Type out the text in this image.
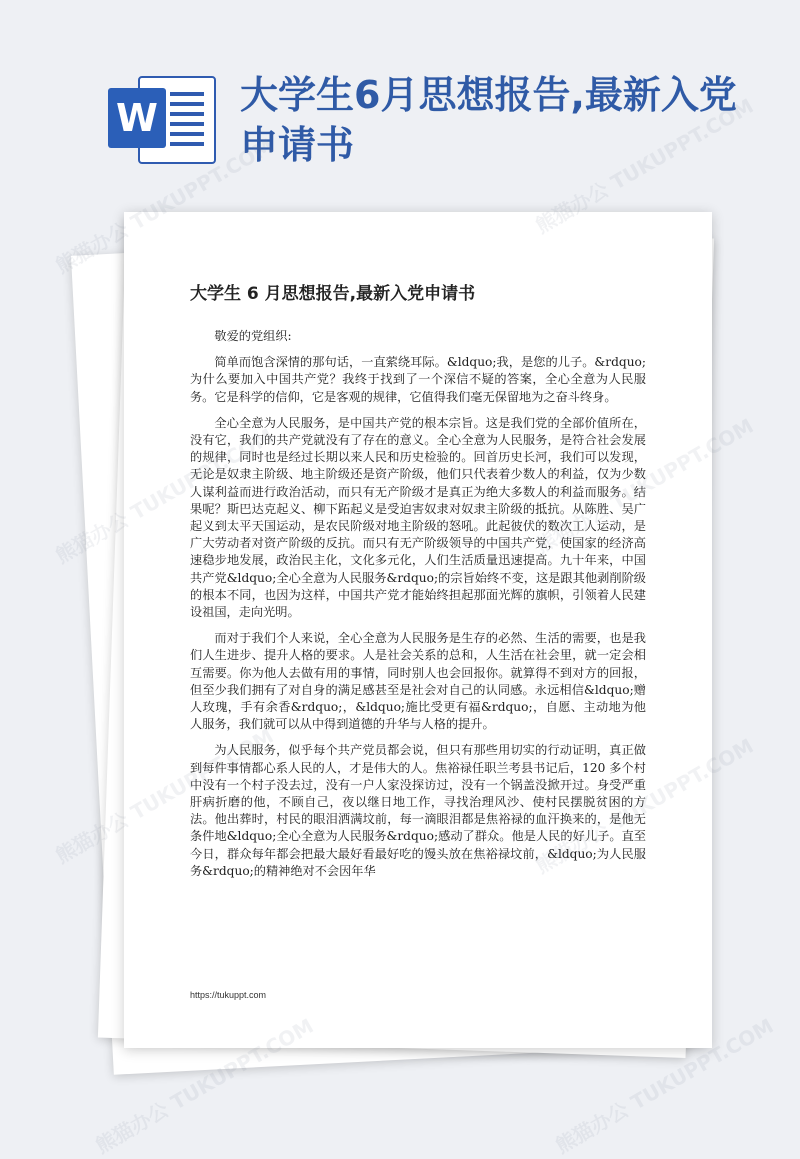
W
大学生6月思想报告,最新入党申请书
大学生 6 月思想报告,最新入党申请书

敬爱的党组织:

简单而饱含深情的那句话，一直萦绕耳际。&ldquo;我，是您的儿子。&rdquo; 为什么要加入中国共产党？我终于找到了一个深信不疑的答案，全心全意为人民服务。它是科学的信仰，它是客观的规律，它值得我们毫无保留地为之奋斗终身。

全心全意为人民服务，是中国共产党的根本宗旨。这是我们党的全部价值所在，没有它，我们的共产党就没有了存在的意义。全心全意为人民服务，是符合社会发展的规律，同时也是经过长期以来人民和历史检验的。回首历史长河，我们可以发现，无论是奴隶主阶级、地主阶级还是资产阶级，他们只代表着少数人的利益，仅为少数人谋利益而进行政治活动，而只有无产阶级才是真正为绝大多数人的利益而服务。结果呢？斯巴达克起义、柳下跖起义是受迫害奴隶对奴隶主阶级的抵抗。从陈胜、吴广起义到太平天国运动，是农民阶级对地主阶级的怒吼。此起彼伏的数次工人运动，是广大劳动者对资产阶级的反抗。而只有无产阶级领导的中国共产党，使国家的经济高速稳步地发展，政治民主化，文化多元化，人们生活质量迅速提高。九十年来，中国共产党&ldquo;全心全意为人民服务&rdquo;的宗旨始终不变，这是跟其他剥削阶级的根本不同，也因为这样，中国共产党才能始终担起那面光辉的旗帜，引领着人民建设祖国，走向光明。

而对于我们个人来说，全心全意为人民服务是生存的必然、生活的需要，也是我们人生进步、提升人格的要求。人是社会关系的总和，人生活在社会里，就一定会相互需要。你为他人去做有用的事情，同时别人也会回报你。就算得不到对方的回报，但至少我们拥有了对自身的满足感甚至是社会对自己的认同感。永远相信&ldquo;赠人玫瑰，手有余香&rdquo;，&ldquo;施比受更有福&rdquo;，自愿、主动地为他人服务，我们就可以从中得到道德的升华与人格的提升。

为人民服务，似乎每个共产党员都会说，但只有那些用切实的行动证明，真正做到每件事情都心系人民的人，才是伟大的人。焦裕禄任职兰考县书记后，120 多个村中没有一个村子没去过，没有一户人家没探访过，没有一个锅盖没掀开过。身受严重肝病折磨的他，不顾自己，夜以继日地工作，寻找治理风沙、使村民摆脱贫困的方法。他出葬时，村民的眼泪洒满坟前，每一滴眼泪都是焦裕禄的血汗换来的，是他无条件地&ldquo;全心全意为人民服务&rdquo;感动了群众。他是人民的好儿子。直至今日，群众每年都会把最大最好看最好吃的馒头放在焦裕禄坟前，&ldquo;为人民服务&rdquo;的精神绝对不会因年华

https://tukuppt.com
熊猫办公 TUKUPPT.COM	熊猫办公 TUKUPPT.COM
熊猫办公
熊猫办公 TUKUPPT.COM	熊猫办公 TUKUPPT.COM
